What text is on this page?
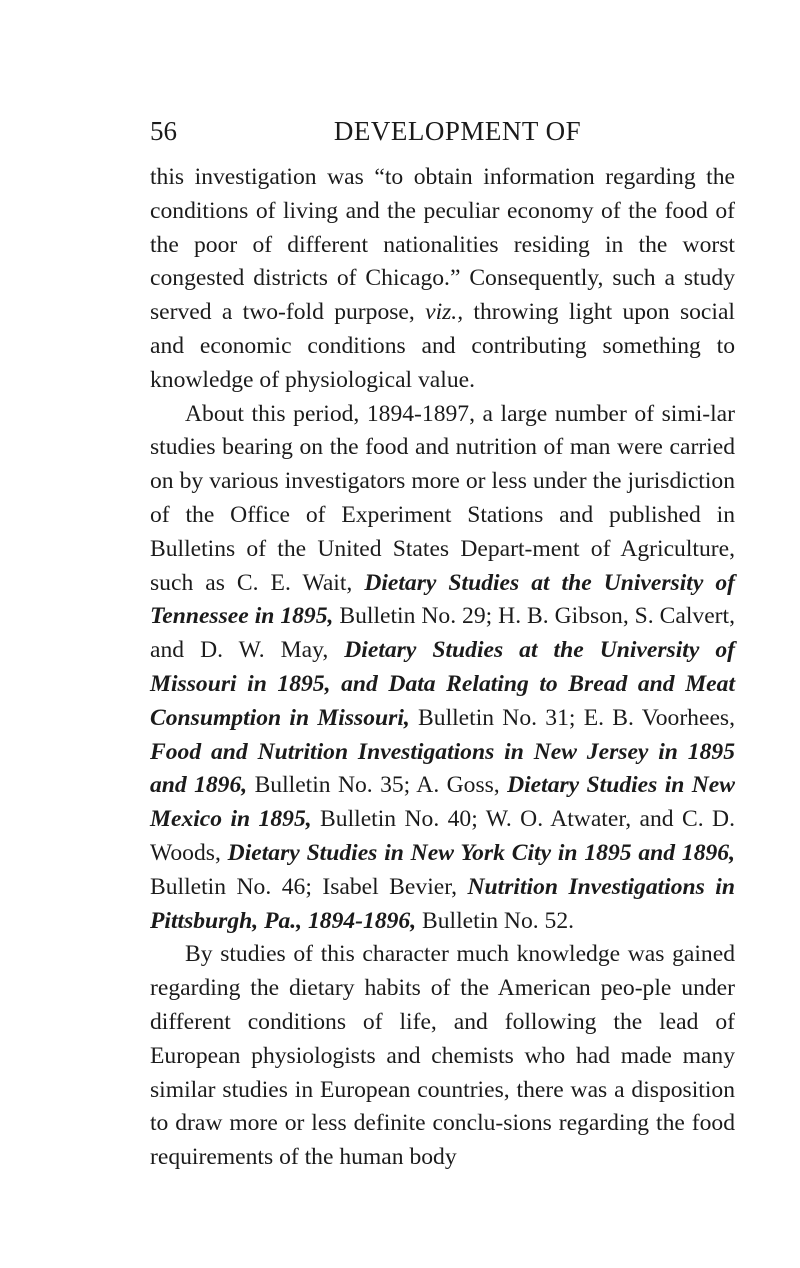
56	DEVELOPMENT OF

this investigation was “to obtain information regarding the conditions of living and the peculiar economy of the food of the poor of different nationalities residing in the worst congested districts of Chicago.” Consequently, such a study served a two-fold purpose, viz., throwing light upon social and economic conditions and contributing something to knowledge of physiological value.

About this period, 1894-1897, a large number of simi-lar studies bearing on the food and nutrition of man were carried on by various investigators more or less under the jurisdiction of the Office of Experiment Stations and published in Bulletins of the United States Depart-ment of Agriculture, such as C. E. Wait, Dietary Studies at the University of Tennessee in 1895, Bulletin No. 29; H. B. Gibson, S. Calvert, and D. W. May, Dietary Studies at the University of Missouri in 1895, and Data Relating to Bread and Meat Consumption in Missouri, Bulletin No. 31; E. B. Voorhees, Food and Nutrition Investigations in New Jersey in 1895 and 1896, Bulletin No. 35; A. Goss, Dietary Studies in New Mexico in 1895, Bulletin No. 40; W. O. Atwater, and C. D. Woods, Dietary Studies in New York City in 1895 and 1896, Bulletin No. 46; Isabel Bevier, Nutrition Investigations in Pittsburgh, Pa., 1894-1896, Bulletin No. 52.

By studies of this character much knowledge was gained regarding the dietary habits of the American peo-ple under different conditions of life, and following the lead of European physiologists and chemists who had made many similar studies in European countries, there was a disposition to draw more or less definite conclu-sions regarding the food requirements of the human body
